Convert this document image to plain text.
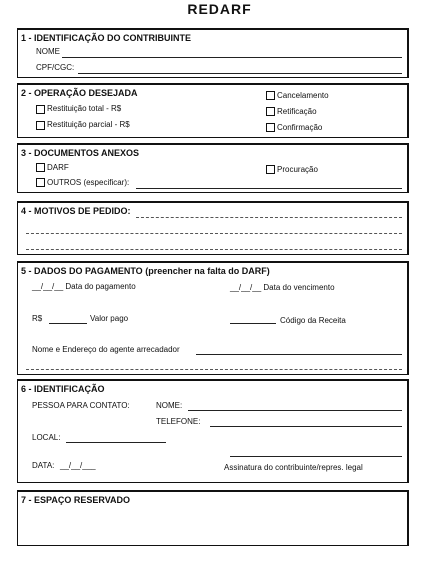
REDARF
1 - IDENTIFICAÇÃO DO CONTRIBUINTE
NOME
CPF/CGC:
2 - OPERAÇÃO DESEJADA
Restituição total - R$
Restituição parcial - R$
Cancelamento
Retificação
Confirmação
3 - DOCUMENTOS ANEXOS
DARF
OUTROS (especificar):
Procuração
4 - MOTIVOS DE PEDIDO:
5 - DADOS DO PAGAMENTO (preencher na falta do DARF)
__/__/__ Data do pagamento	__/__/__ Data do vencimento
R$	Valor pago	Código da Receita
Nome e Endereço do agente arrecadador
6 - IDENTIFICAÇÃO
PESSOA PARA CONTATO:	NOME:
TELEFONE:
LOCAL:
DATA: __/__/___	Assinatura do contribuinte/repres. legal
7 - ESPAÇO RESERVADO
